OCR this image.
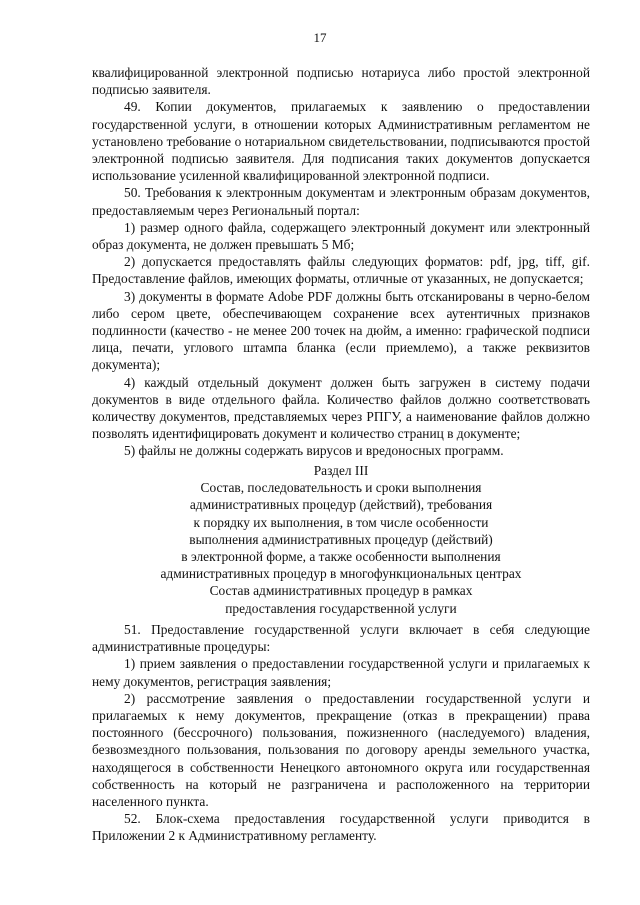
17

квалифицированной электронной подписью нотариуса либо простой электронной подписью заявителя.

49. Копии документов, прилагаемых к заявлению о предоставлении государственной услуги, в отношении которых Административным регламентом не установлено требование о нотариальном свидетельствовании, подписываются простой электронной подписью заявителя. Для подписания таких документов допускается использование усиленной квалифицированной электронной подписи.

50. Требования к электронным документам и электронным образам документов, предоставляемым через Региональный портал:

1) размер одного файла, содержащего электронный документ или электронный образ документа, не должен превышать 5 Мб;

2) допускается предоставлять файлы следующих форматов: pdf, jpg, tiff, gif. Предоставление файлов, имеющих форматы, отличные от указанных, не допускается;

3) документы в формате Adobe PDF должны быть отсканированы в черно-белом либо сером цвете, обеспечивающем сохранение всех аутентичных признаков подлинности (качество - не менее 200 точек на дюйм, а именно: графической подписи лица, печати, углового штампа бланка (если приемлемо), а также реквизитов документа);

4) каждый отдельный документ должен быть загружен в систему подачи документов в виде отдельного файла. Количество файлов должно соответствовать количеству документов, представляемых через РПГУ, а наименование файлов должно позволять идентифицировать документ и количество страниц в документе;

5) файлы не должны содержать вирусов и вредоносных программ.

Раздел III
Состав, последовательность и сроки выполнения
административных процедур (действий), требования
к порядку их выполнения, в том числе особенности
выполнения административных процедур (действий)
в электронной форме, а также особенности выполнения
административных процедур в многофункциональных центрах
Состав административных процедур в рамках
предоставления государственной услуги

51. Предоставление государственной услуги включает в себя следующие административные процедуры:

1) прием заявления о предоставлении государственной услуги и прилагаемых к нему документов, регистрация заявления;

2) рассмотрение заявления о предоставлении государственной услуги и прилагаемых к нему документов, прекращение (отказ в прекращении) права постоянного (бессрочного) пользования, пожизненного (наследуемого) владения, безвозмездного пользования, пользования по договору аренды земельного участка, находящегося в собственности Ненецкого автономного округа или государственная собственность на который не разграничена и расположенного на территории населенного пункта.

52. Блок-схема предоставления государственной услуги приводится в Приложении 2 к Административному регламенту.
